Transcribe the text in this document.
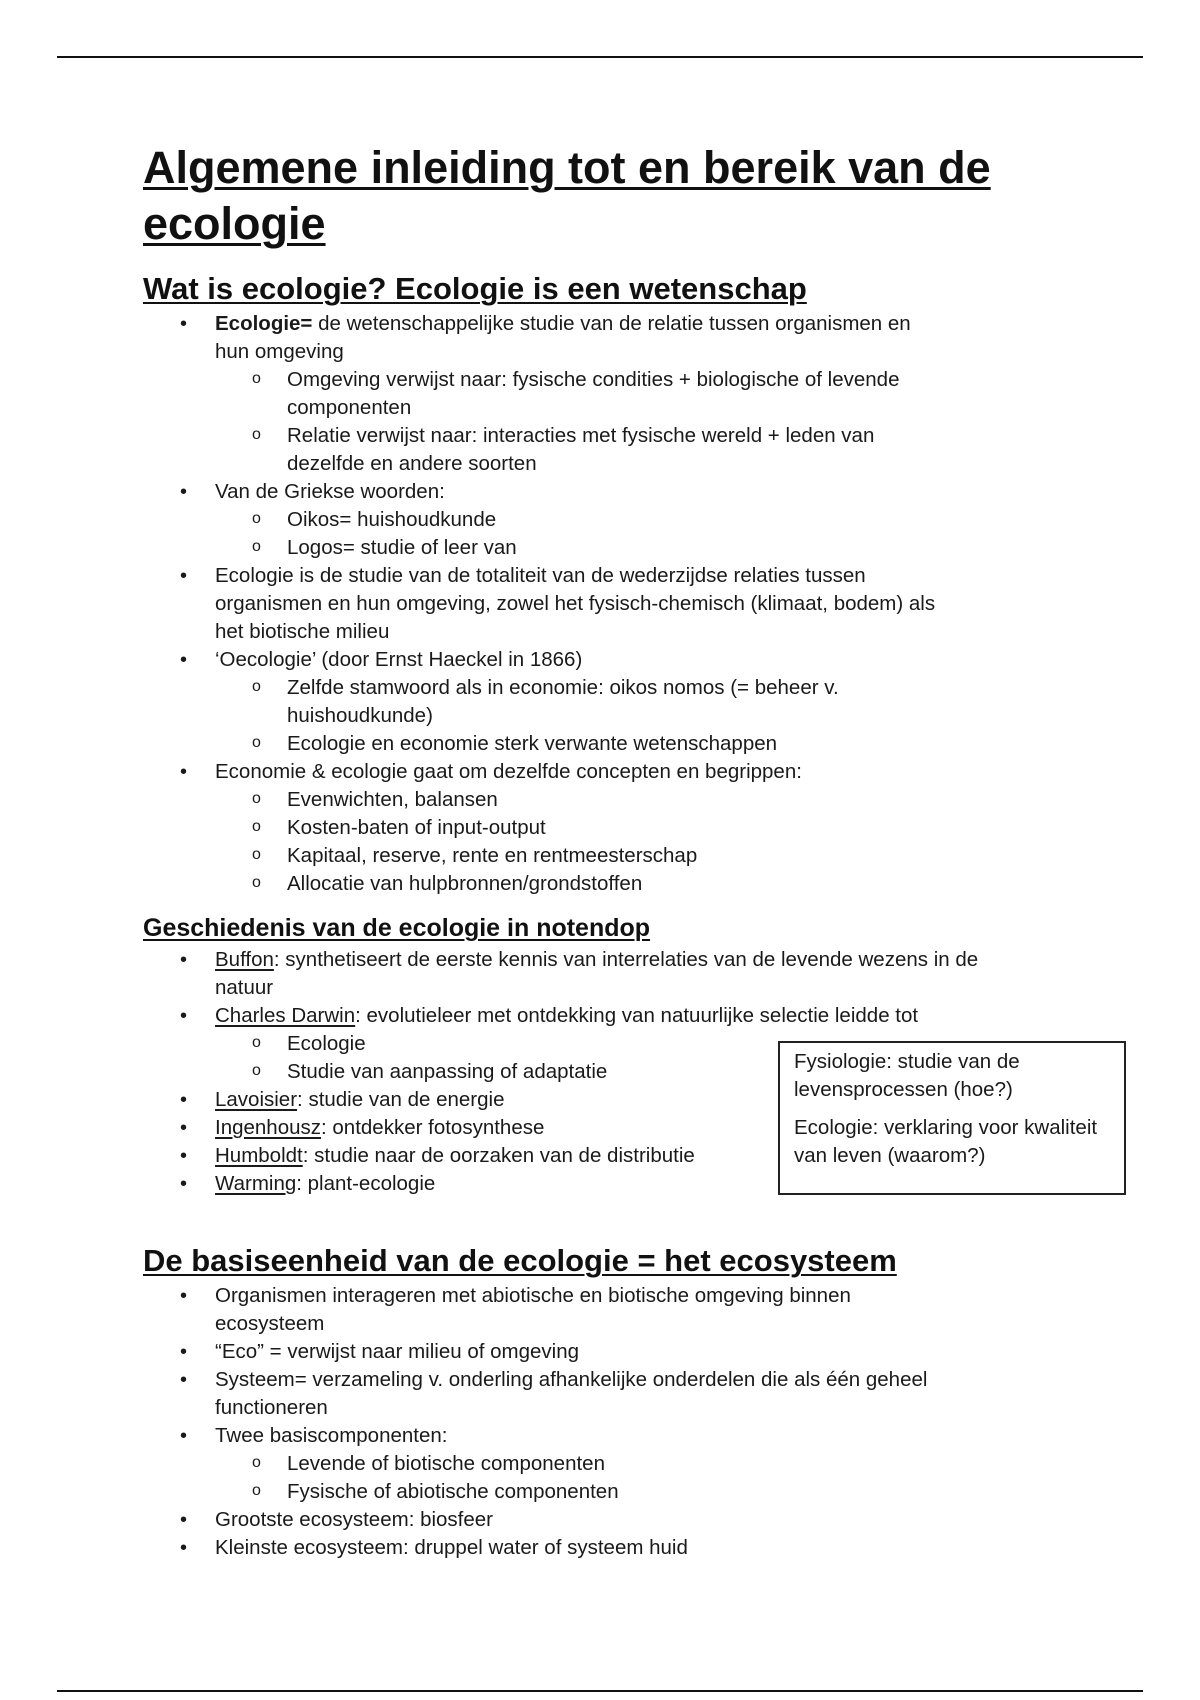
Algemene inleiding tot en bereik van de ecologie
Wat is ecologie? Ecologie is een wetenschap
• Ecologie= de wetenschappelijke studie van de relatie tussen organismen en hun omgeving
o Omgeving verwijst naar: fysische condities + biologische of levende componenten
o Relatie verwijst naar: interacties met fysische wereld + leden van dezelfde en andere soorten
• Van de Griekse woorden:
o Oikos= huishoudkunde
o Logos= studie of leer van
• Ecologie is de studie van de totaliteit van de wederzijdse relaties tussen organismen en hun omgeving, zowel het fysisch-chemisch (klimaat, bodem) als het biotische milieu
• ‘Oecologie’ (door Ernst Haeckel in 1866)
o Zelfde stamwoord als in economie: oikos nomos (= beheer v. huishoudkunde)
o Ecologie en economie sterk verwante wetenschappen
• Economie & ecologie gaat om dezelfde concepten en begrippen:
o Evenwichten, balansen
o Kosten-baten of input-output
o Kapitaal, reserve, rente en rentmeesterschap
o Allocatie van hulpbronnen/grondstoffen
Geschiedenis van de ecologie in notendop
• Buffon: synthetiseert de eerste kennis van interrelaties van de levende wezens in de natuur
• Charles Darwin: evolutieleer met ontdekking van natuurlijke selectie leidde tot
o Ecologie
o Studie van aanpassing of adaptatie
• Lavoisier: studie van de energie
• Ingenhousz: ontdekker fotosynthese
• Humboldt: studie naar de oorzaken van de distributie
• Warming: plant-ecologie
De basiseenheid van de ecologie = het ecosysteem
• Organismen interageren met abiotische en biotische omgeving binnen ecosysteem
• “Eco” = verwijst naar milieu of omgeving
• Systeem= verzameling v. onderling afhankelijke onderdelen die als één geheel functioneren
• Twee basiscomponenten:
o Levende of biotische componenten
o Fysische of abiotische componenten
• Grootste ecosysteem: biosfeer
• Kleinste ecosysteem: druppel water of systeem huid

Fysiologie: studie van de levensprocessen (hoe?)

Ecologie: verklaring voor kwaliteit van leven (waarom?)
